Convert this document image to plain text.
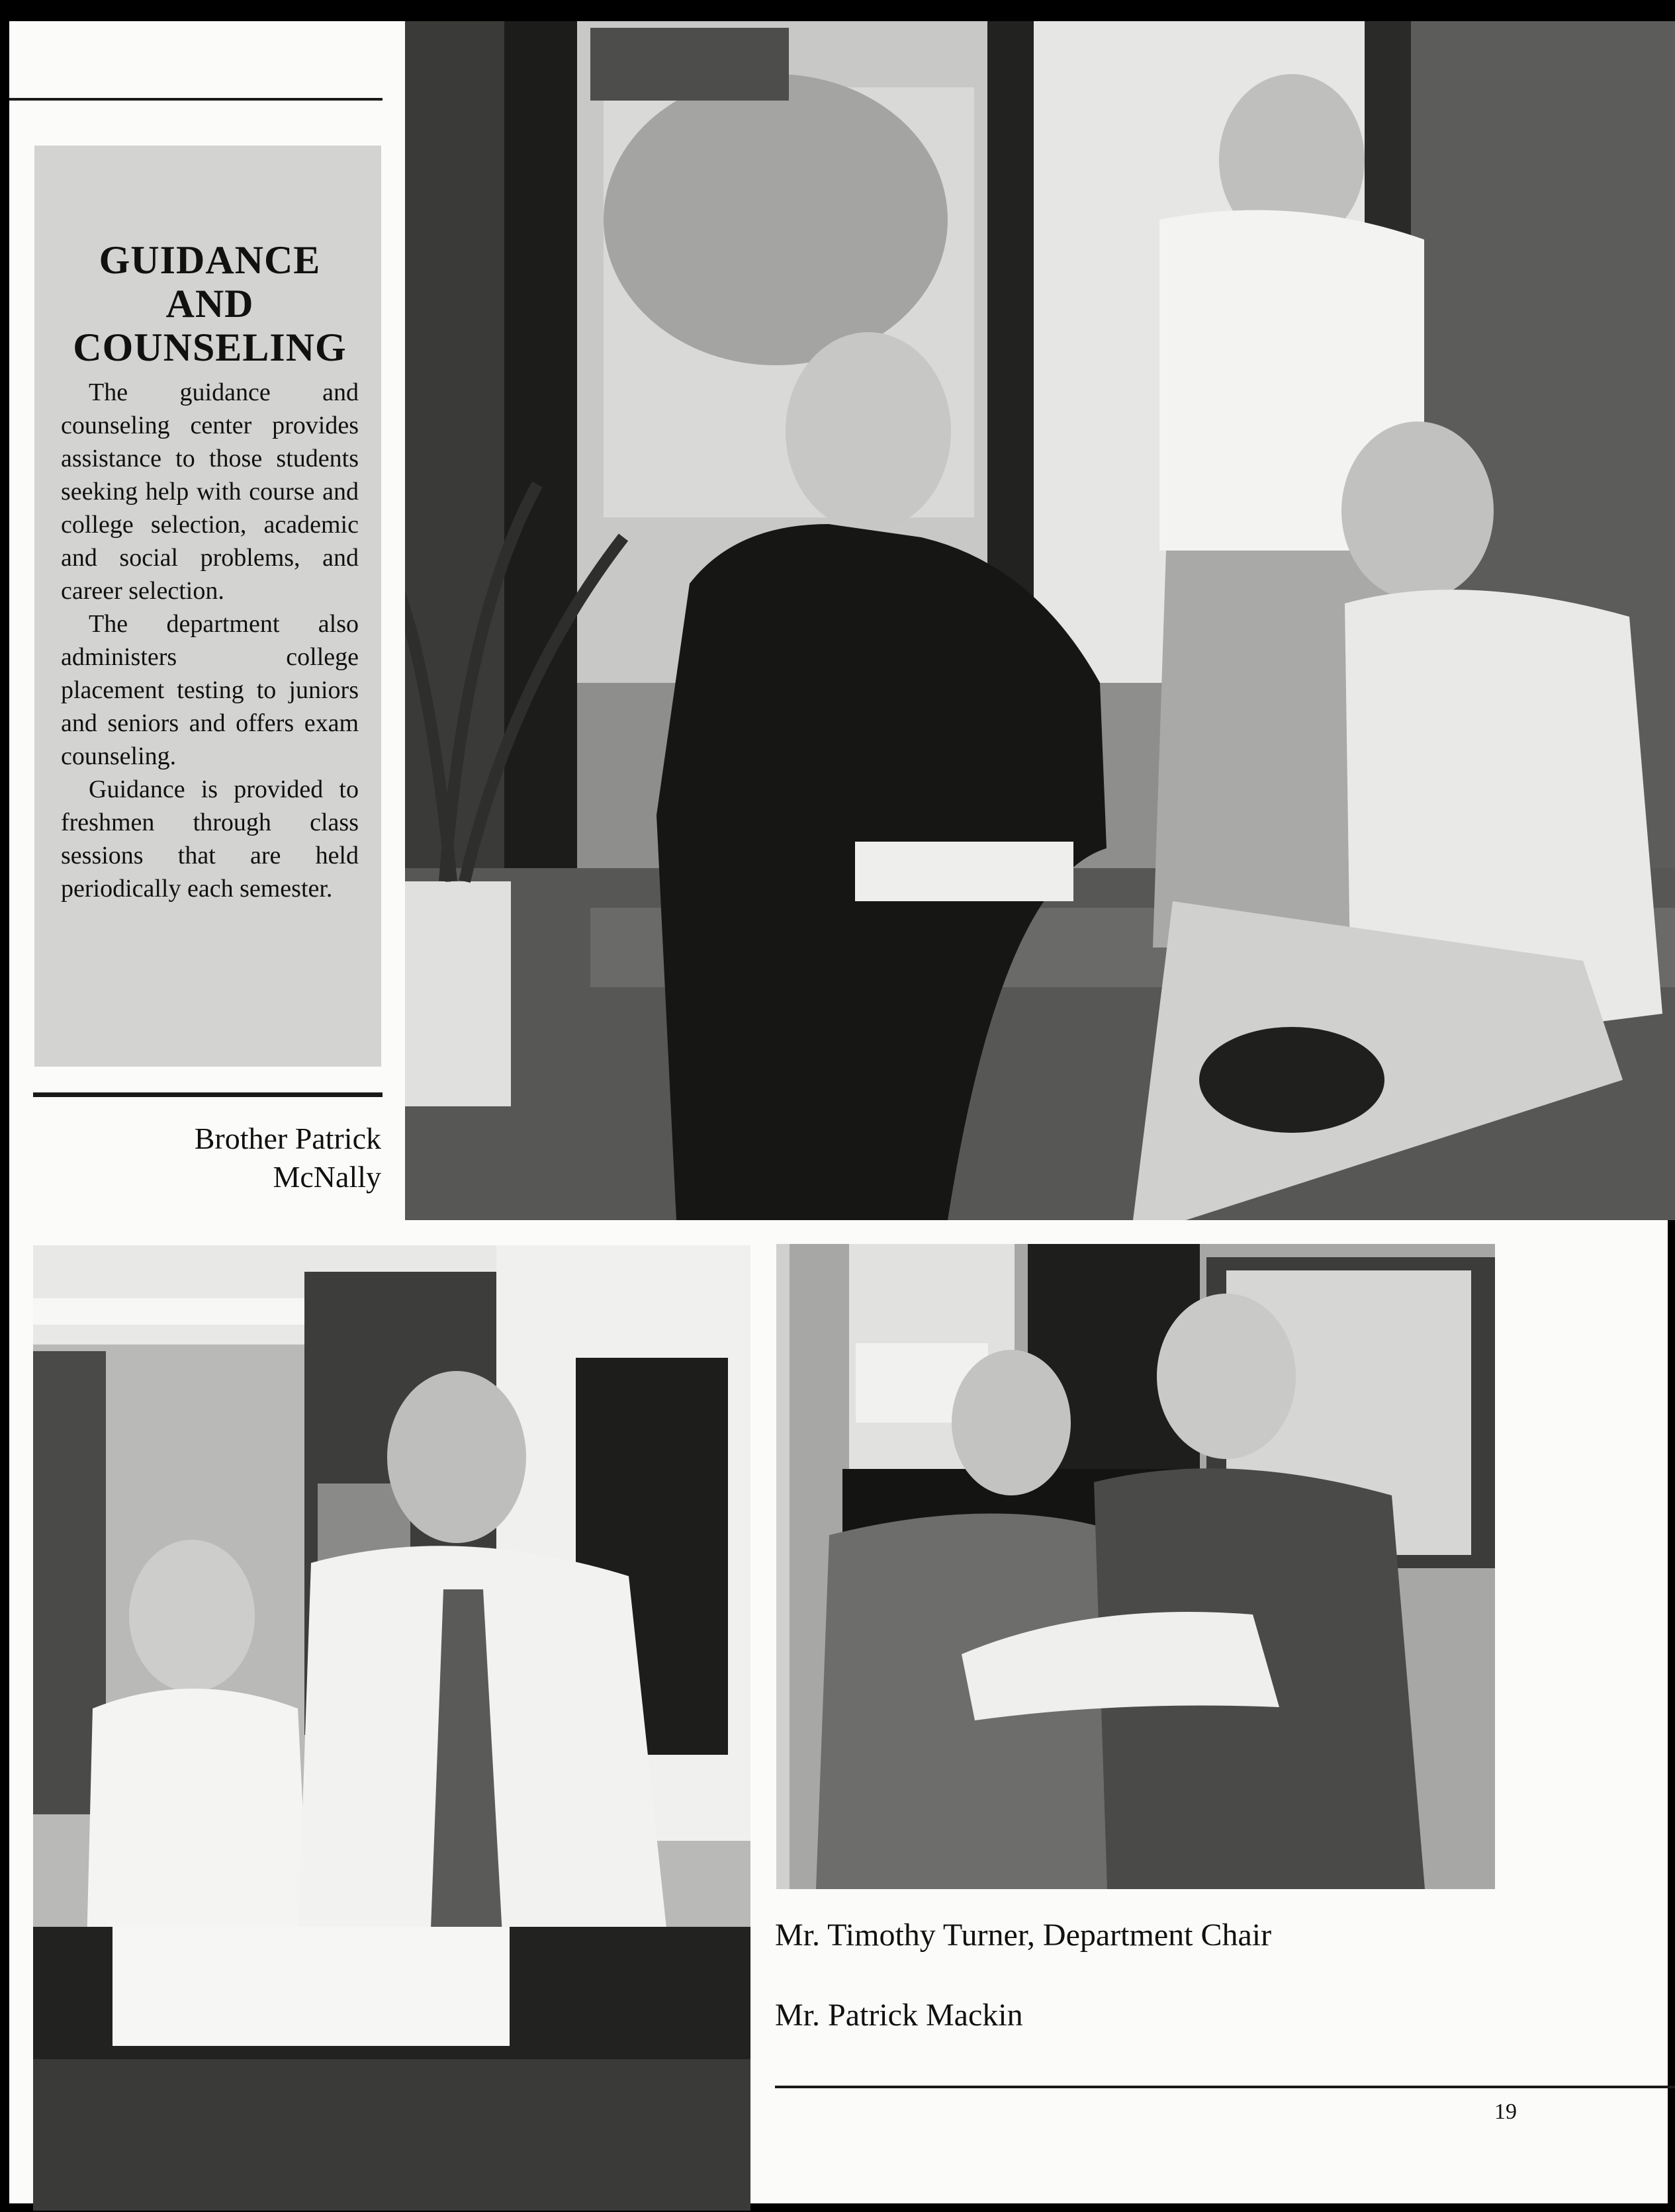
GUIDANCE
AND
COUNSELING

The guidance and counseling center provides assistance to those students seeking help with course and college selection, academic and social problems, and career selection.

The department also administers college placement testing to juniors and seniors and offers exam counseling.

Guidance is provided to freshmen through class sessions that are held periodically each semester.

Brother Patrick
McNally
Mr. Timothy Turner, Department Chair
Mr. Patrick Mackin
19
